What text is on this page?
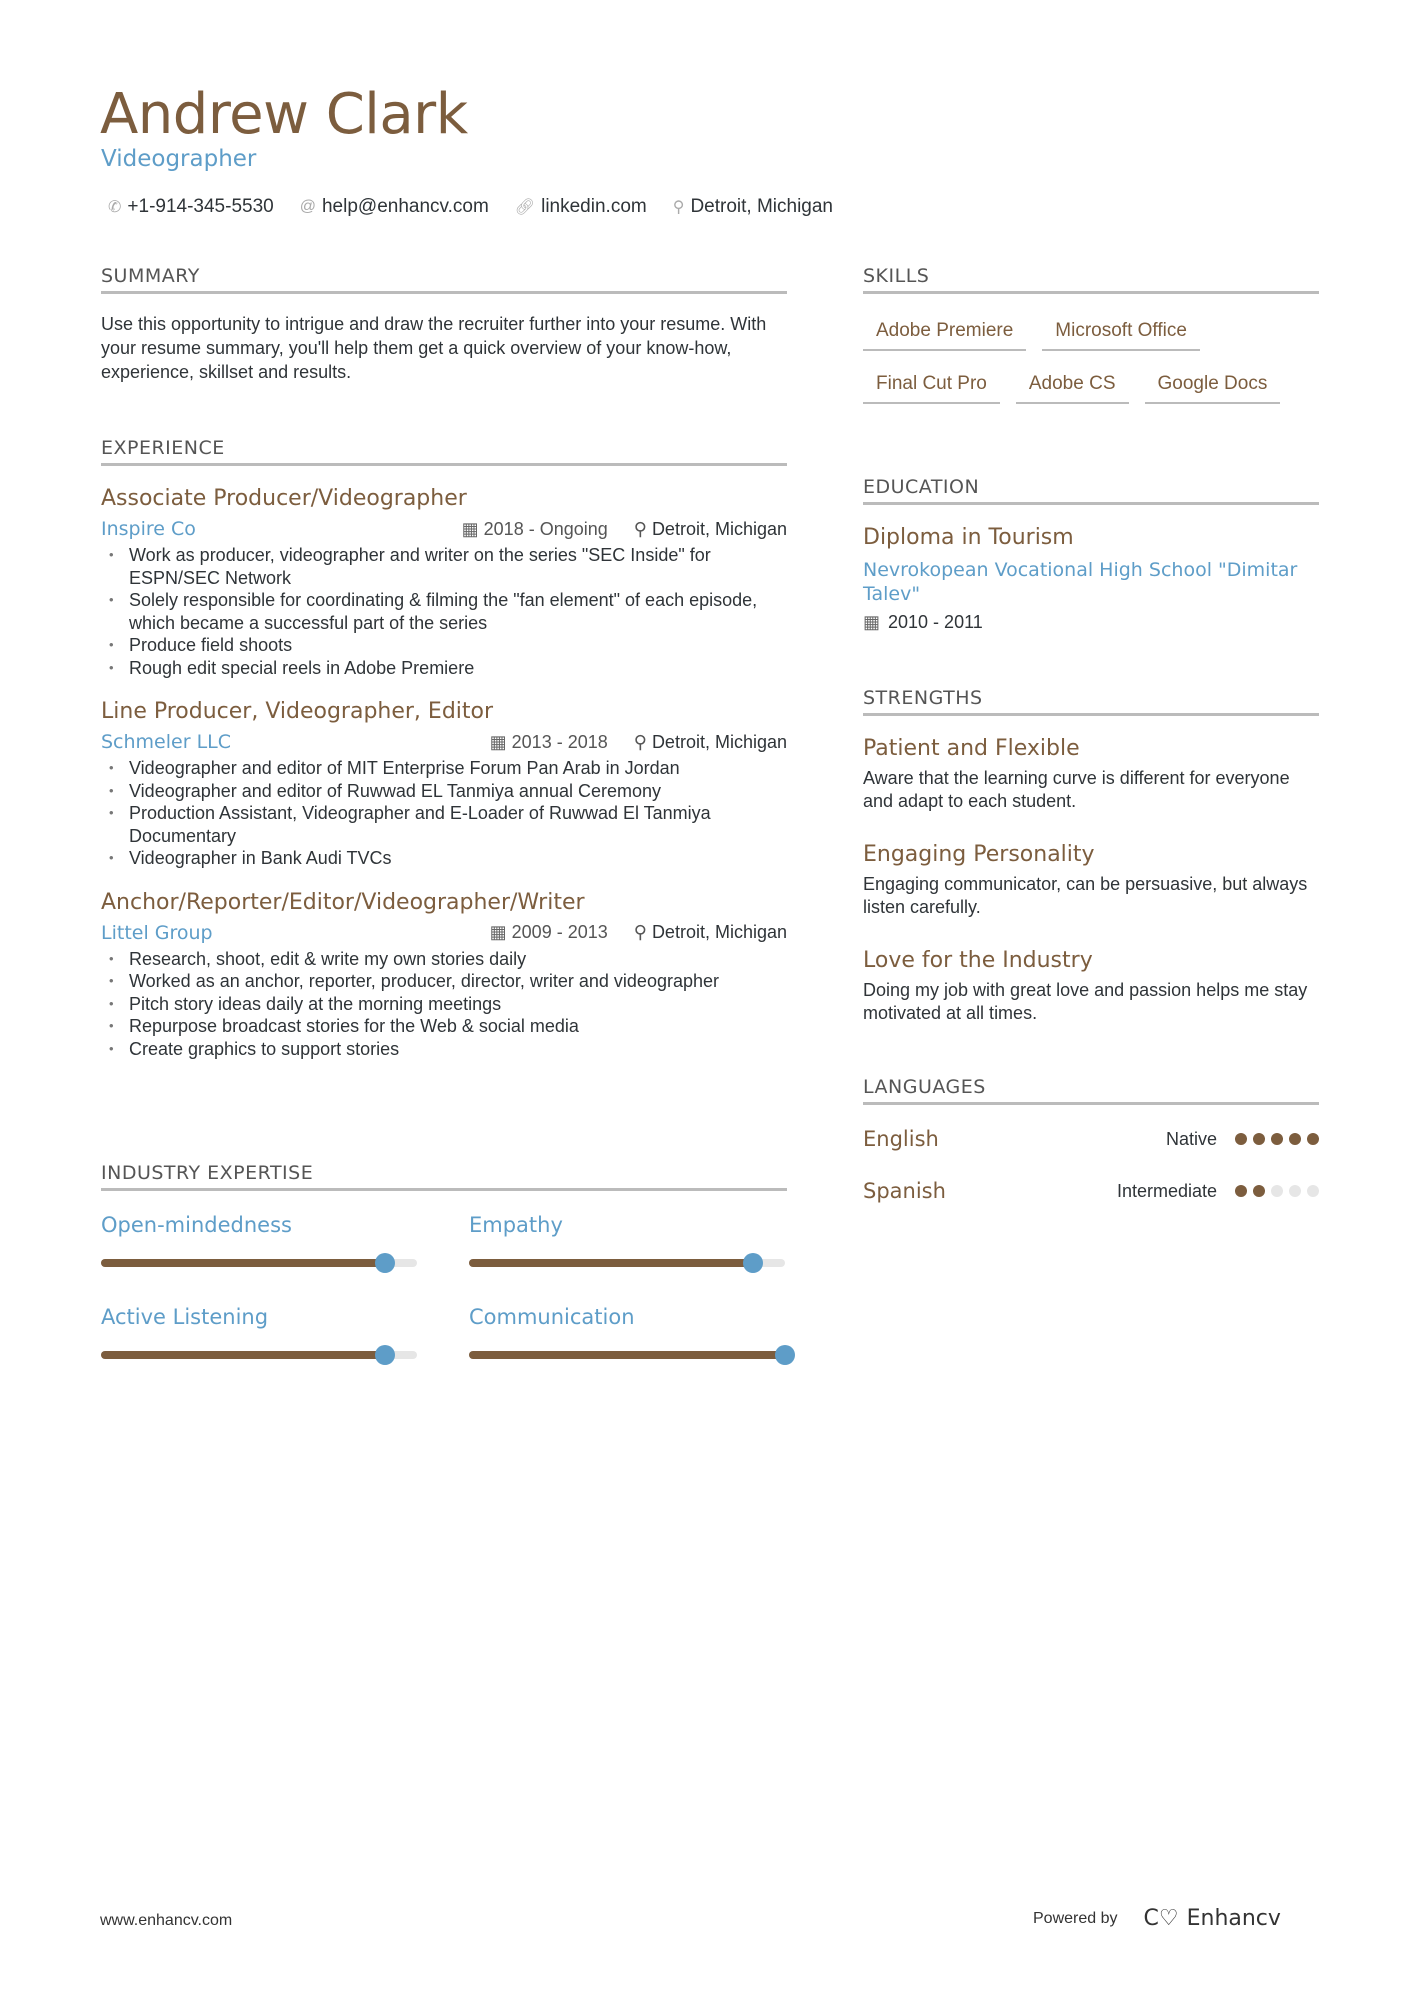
Andrew Clark
Videographer
✆ +1-914-345-5530 @ help@enhancv.com 🔗︎ linkedin.com ⚲ Detroit, Michigan
SUMMARY
Use this opportunity to intrigue and draw the recruiter further into your resume. With your resume summary, you'll help them get a quick overview of your know-how, experience, skillset and results.
EXPERIENCE
Associate Producer/Videographer
Inspire Co	▦ 2018 - Ongoing ⚲ Detroit, Michigan
• Work as producer, videographer and writer on the series "SEC Inside" for ESPN/SEC Network
• Solely responsible for coordinating & filming the "fan element" of each episode, which became a successful part of the series
• Produce field shoots
• Rough edit special reels in Adobe Premiere
Line Producer, Videographer, Editor
Schmeler LLC	▦ 2013 - 2018 ⚲ Detroit, Michigan
• Videographer and editor of MIT Enterprise Forum Pan Arab in Jordan
• Videographer and editor of Ruwwad EL Tanmiya annual Ceremony
• Production Assistant, Videographer and E-Loader of Ruwwad El Tanmiya Documentary
• Videographer in Bank Audi TVCs
Anchor/Reporter/Editor/Videographer/Writer
Littel Group	▦ 2009 - 2013 ⚲ Detroit, Michigan
• Research, shoot, edit & write my own stories daily
• Worked as an anchor, reporter, producer, director, writer and videographer
• Pitch story ideas daily at the morning meetings
• Repurpose broadcast stories for the Web & social media
• Create graphics to support stories
INDUSTRY EXPERTISE
Open-mindedness	Empathy
Active Listening	Communication
SKILLS
Adobe Premiere	Microsoft Office
Final Cut Pro	Adobe CS	Google Docs
EDUCATION
Diploma in Tourism
Nevrokopean Vocational High School "Dimitar Talev"
▦ 2010 - 2011
STRENGTHS
Patient and Flexible
Aware that the learning curve is different for everyone and adapt to each student.
Engaging Personality
Engaging communicator, can be persuasive, but always listen carefully.
Love for the Industry
Doing my job with great love and passion helps me stay motivated at all times.
LANGUAGES
English	Native
Spanish	Intermediate
www.enhancv.com	Powered by C♡ Enhancv
